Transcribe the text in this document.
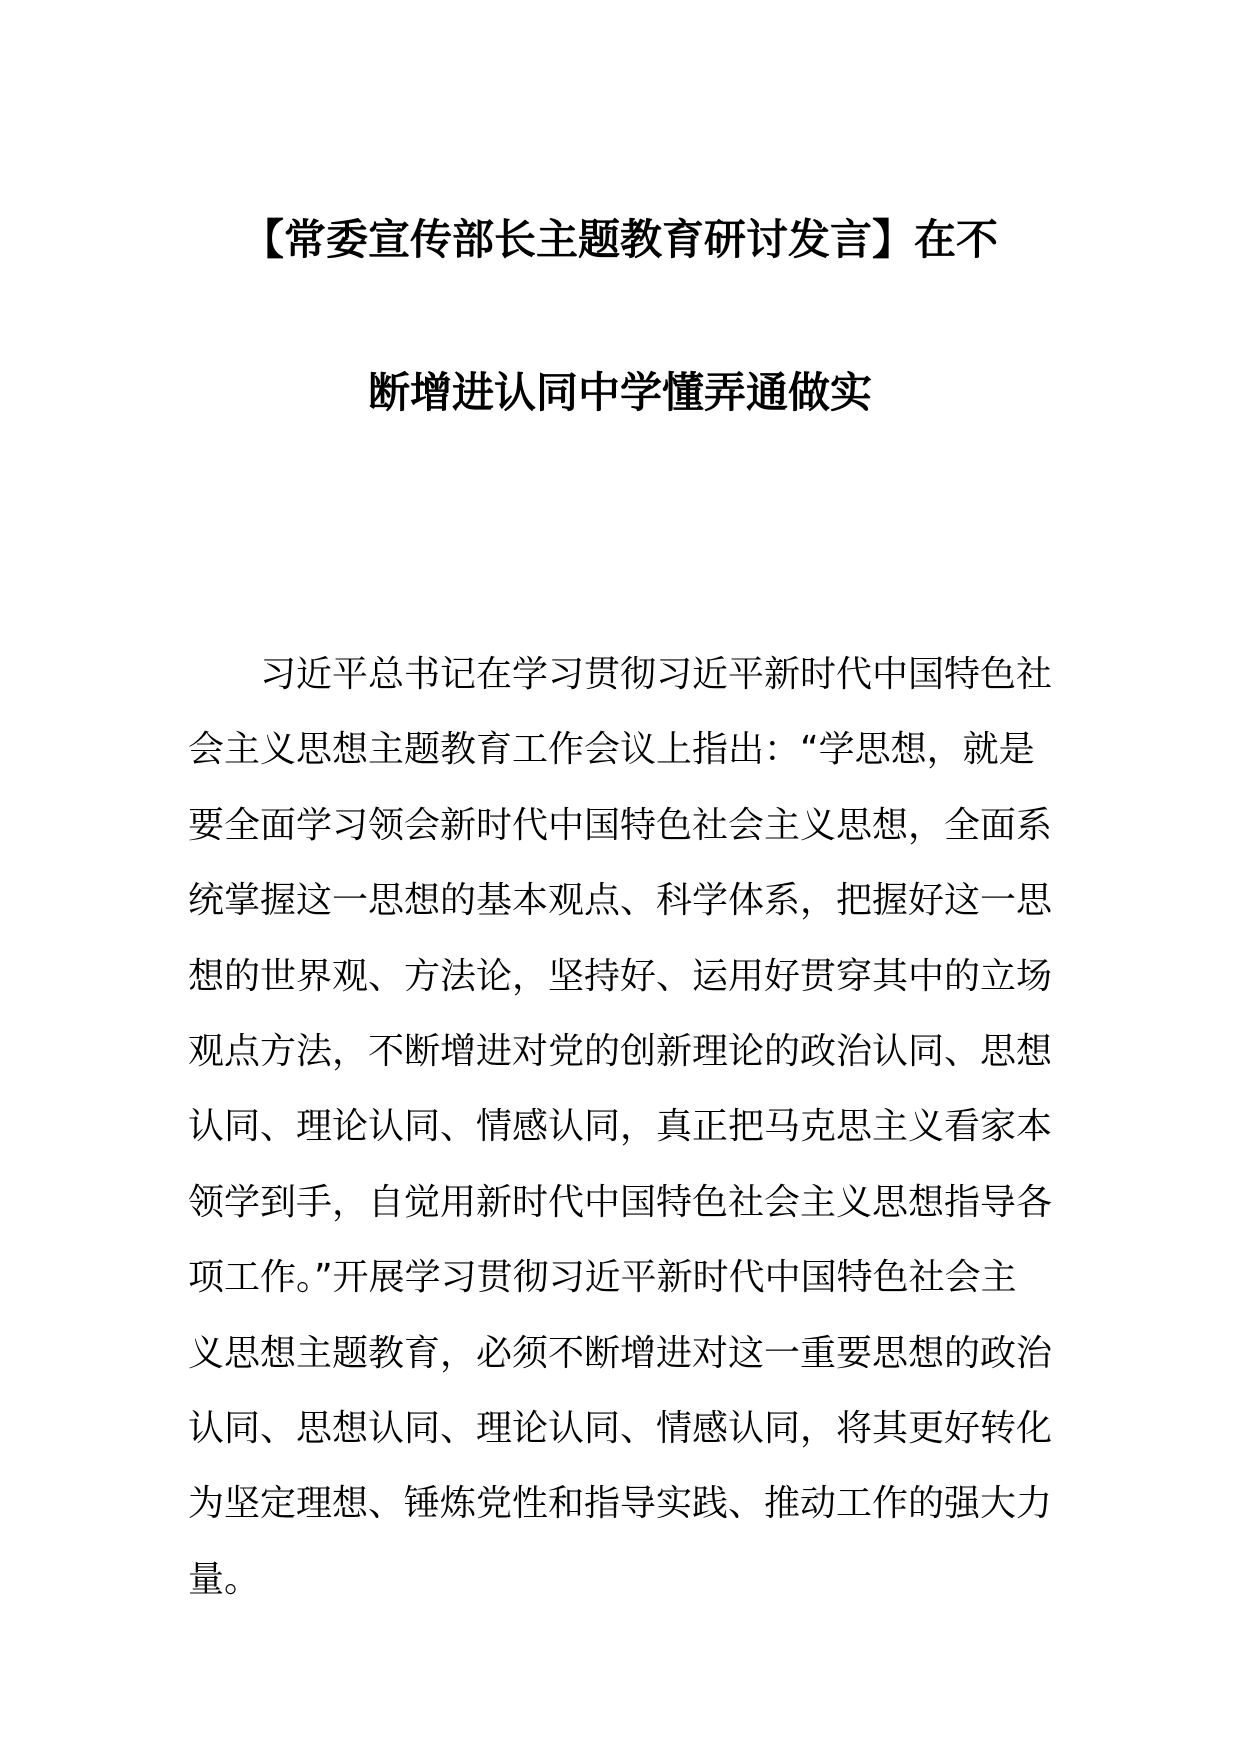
【常委宣传部长主题教育研讨发言】在不
断增进认同中学懂弄通做实
习近平总书记在学习贯彻习近平新时代中国特色社
会主义思想主题教育工作会议上指出：“学思想，就是
要全面学习领会新时代中国特色社会主义思想，全面系
统掌握这一思想的基本观点、科学体系，把握好这一思
想的世界观、方法论，坚持好、运用好贯穿其中的立场
观点方法，不断增进对党的创新理论的政治认同、思想
认同、理论认同、情感认同，真正把马克思主义看家本
领学到手，自觉用新时代中国特色社会主义思想指导各
项工作。”开展学习贯彻习近平新时代中国特色社会主
义思想主题教育，必须不断增进对这一重要思想的政治
认同、思想认同、理论认同、情感认同，将其更好转化
为坚定理想、锤炼党性和指导实践、推动工作的强大力
量。
